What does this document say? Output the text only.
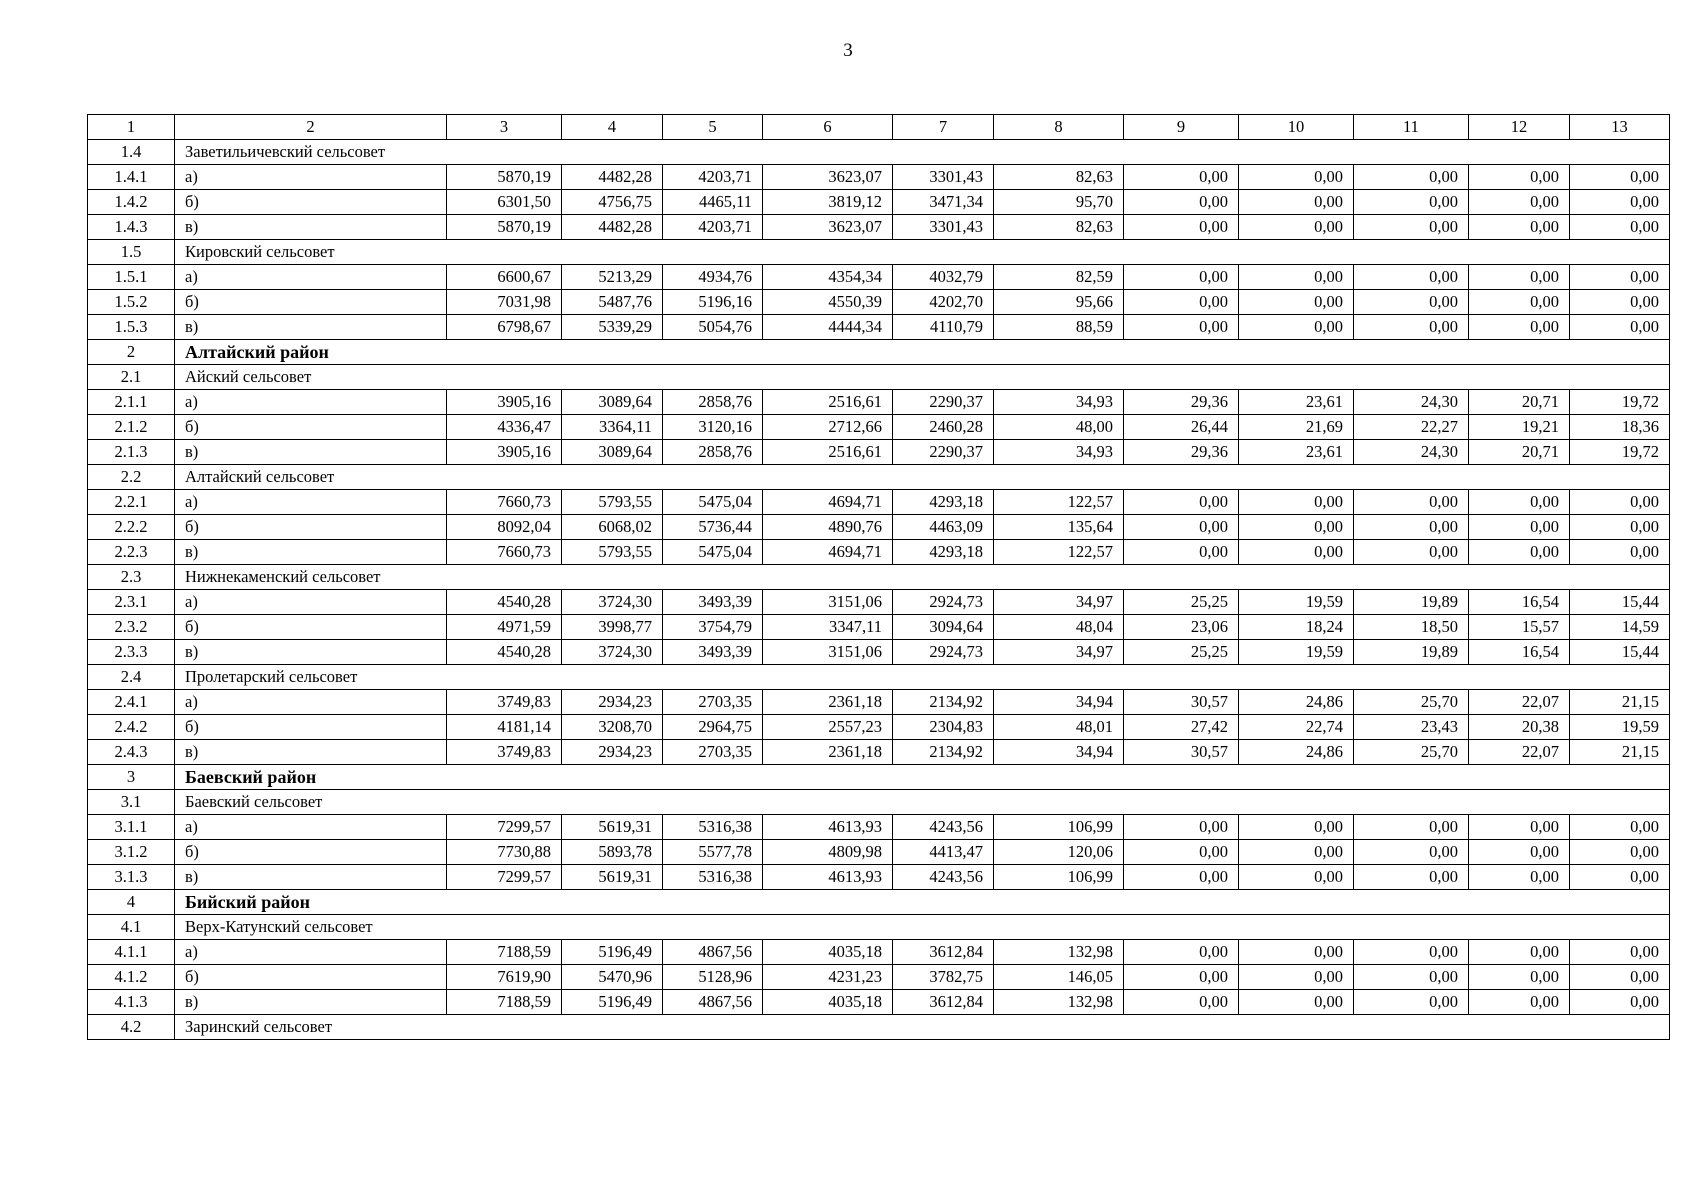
3
1	2	3	4	5	6	7	8	9	10	11	12	13
1.4	Заветильичевский сельсовет											
1.4.1	а)	5870,19	4482,28	4203,71	3623,07	3301,43	82,63	0,00	0,00	0,00	0,00	0,00
1.4.2	б)	6301,50	4756,75	4465,11	3819,12	3471,34	95,70	0,00	0,00	0,00	0,00	0,00
1.4.3	в)	5870,19	4482,28	4203,71	3623,07	3301,43	82,63	0,00	0,00	0,00	0,00	0,00
1.5	Кировский сельсовет											
1.5.1	а)	6600,67	5213,29	4934,76	4354,34	4032,79	82,59	0,00	0,00	0,00	0,00	0,00
1.5.2	б)	7031,98	5487,76	5196,16	4550,39	4202,70	95,66	0,00	0,00	0,00	0,00	0,00
1.5.3	в)	6798,67	5339,29	5054,76	4444,34	4110,79	88,59	0,00	0,00	0,00	0,00	0,00
2	Алтайский район											
2.1	Айский сельсовет											
2.1.1	а)	3905,16	3089,64	2858,76	2516,61	2290,37	34,93	29,36	23,61	24,30	20,71	19,72
2.1.2	б)	4336,47	3364,11	3120,16	2712,66	2460,28	48,00	26,44	21,69	22,27	19,21	18,36
2.1.3	в)	3905,16	3089,64	2858,76	2516,61	2290,37	34,93	29,36	23,61	24,30	20,71	19,72
2.2	Алтайский сельсовет											
2.2.1	а)	7660,73	5793,55	5475,04	4694,71	4293,18	122,57	0,00	0,00	0,00	0,00	0,00
2.2.2	б)	8092,04	6068,02	5736,44	4890,76	4463,09	135,64	0,00	0,00	0,00	0,00	0,00
2.2.3	в)	7660,73	5793,55	5475,04	4694,71	4293,18	122,57	0,00	0,00	0,00	0,00	0,00
2.3	Нижнекаменский сельсовет											
2.3.1	а)	4540,28	3724,30	3493,39	3151,06	2924,73	34,97	25,25	19,59	19,89	16,54	15,44
2.3.2	б)	4971,59	3998,77	3754,79	3347,11	3094,64	48,04	23,06	18,24	18,50	15,57	14,59
2.3.3	в)	4540,28	3724,30	3493,39	3151,06	2924,73	34,97	25,25	19,59	19,89	16,54	15,44
2.4	Пролетарский сельсовет											
2.4.1	а)	3749,83	2934,23	2703,35	2361,18	2134,92	34,94	30,57	24,86	25,70	22,07	21,15
2.4.2	б)	4181,14	3208,70	2964,75	2557,23	2304,83	48,01	27,42	22,74	23,43	20,38	19,59
2.4.3	в)	3749,83	2934,23	2703,35	2361,18	2134,92	34,94	30,57	24,86	25,70	22,07	21,15
3	Баевский район											
3.1	Баевский сельсовет											
3.1.1	а)	7299,57	5619,31	5316,38	4613,93	4243,56	106,99	0,00	0,00	0,00	0,00	0,00
3.1.2	б)	7730,88	5893,78	5577,78	4809,98	4413,47	120,06	0,00	0,00	0,00	0,00	0,00
3.1.3	в)	7299,57	5619,31	5316,38	4613,93	4243,56	106,99	0,00	0,00	0,00	0,00	0,00
4	Бийский район											
4.1	Верх-Катунский сельсовет											
4.1.1	а)	7188,59	5196,49	4867,56	4035,18	3612,84	132,98	0,00	0,00	0,00	0,00	0,00
4.1.2	б)	7619,90	5470,96	5128,96	4231,23	3782,75	146,05	0,00	0,00	0,00	0,00	0,00
4.1.3	в)	7188,59	5196,49	4867,56	4035,18	3612,84	132,98	0,00	0,00	0,00	0,00	0,00
4.2	Заринский сельсовет											
